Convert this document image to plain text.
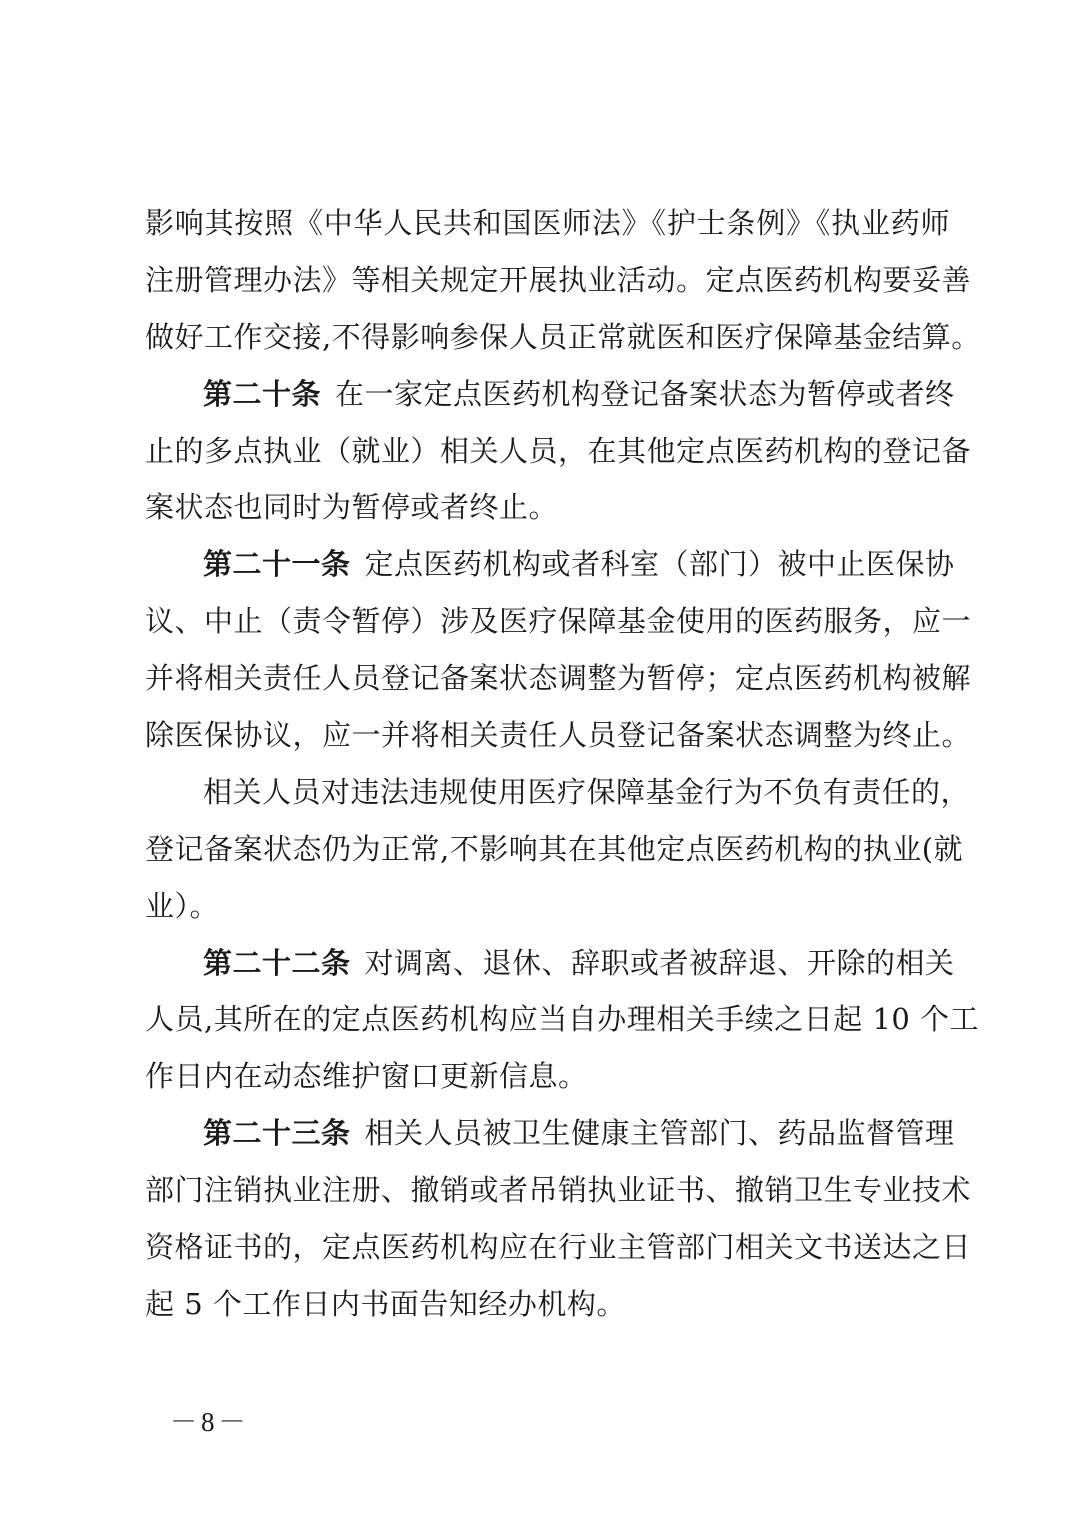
影响其按照《中华人民共和国医师法》《护士条例》《执业药师
注册管理办法》等相关规定开展执业活动。定点医药机构要妥善
做好工作交接,不得影响参保人员正常就医和医疗保障基金结算。
第二十条 在一家定点医药机构登记备案状态为暂停或者终
止的多点执业（就业）相关人员，在其他定点医药机构的登记备
案状态也同时为暂停或者终止。
第二十一条 定点医药机构或者科室（部门）被中止医保协
议、中止（责令暂停）涉及医疗保障基金使用的医药服务，应一
并将相关责任人员登记备案状态调整为暂停；定点医药机构被解
除医保协议，应一并将相关责任人员登记备案状态调整为终止。
相关人员对违法违规使用医疗保障基金行为不负有责任的，
登记备案状态仍为正常,不影响其在其他定点医药机构的执业(就
业）。
第二十二条 对调离、退休、辞职或者被辞退、开除的相关
人员,其所在的定点医药机构应当自办理相关手续之日起 10 个工
作日内在动态维护窗口更新信息。
第二十三条 相关人员被卫生健康主管部门、药品监督管理
部门注销执业注册、撤销或者吊销执业证书、撤销卫生专业技术
资格证书的，定点医药机构应在行业主管部门相关文书送达之日
起 5 个工作日内书面告知经办机构。
－8－
